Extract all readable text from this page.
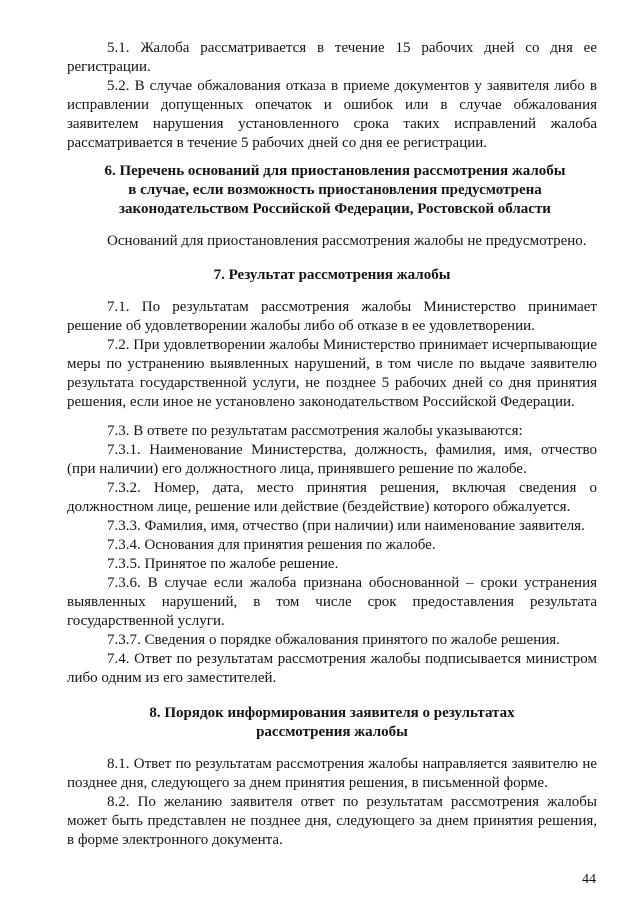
5.1. Жалоба рассматривается в течение 15 рабочих дней со дня ее регистрации.
5.2. В случае обжалования отказа в приеме документов у заявителя либо в исправлении допущенных опечаток и ошибок или в случае обжалования заявителем нарушения установленного срока таких исправлений жалоба рассматривается в течение 5 рабочих дней со дня ее регистрации.
6. Перечень оснований для приостановления рассмотрения жалобы в случае, если возможность приостановления предусмотрена законодательством Российской Федерации, Ростовской области
Оснований для приостановления рассмотрения жалобы не предусмотрено.
7. Результат рассмотрения жалобы
7.1. По результатам рассмотрения жалобы Министерство принимает решение об удовлетворении жалобы либо об отказе в ее удовлетворении.
7.2. При удовлетворении жалобы Министерство принимает исчерпывающие меры по устранению выявленных нарушений, в том числе по выдаче заявителю результата государственной услуги, не позднее 5 рабочих дней со дня принятия решения, если иное не установлено законодательством Российской Федерации.
7.3. В ответе по результатам рассмотрения жалобы указываются:
7.3.1. Наименование Министерства, должность, фамилия, имя, отчество (при наличии) его должностного лица, принявшего решение по жалобе.
7.3.2. Номер, дата, место принятия решения, включая сведения о должностном лице, решение или действие (бездействие) которого обжалуется.
7.3.3. Фамилия, имя, отчество (при наличии) или наименование заявителя.
7.3.4. Основания для принятия решения по жалобе.
7.3.5. Принятое по жалобе решение.
7.3.6. В случае если жалоба признана обоснованной – сроки устранения выявленных нарушений, в том числе срок предоставления результата государственной услуги.
7.3.7. Сведения о порядке обжалования принятого по жалобе решения.
7.4. Ответ по результатам рассмотрения жалобы подписывается министром либо одним из его заместителей.
8. Порядок информирования заявителя о результатах рассмотрения жалобы
8.1. Ответ по результатам рассмотрения жалобы направляется заявителю не позднее дня, следующего за днем принятия решения, в письменной форме.
8.2. По желанию заявителя ответ по результатам рассмотрения жалобы может быть представлен не позднее дня, следующего за днем принятия решения, в форме электронного документа.
44
